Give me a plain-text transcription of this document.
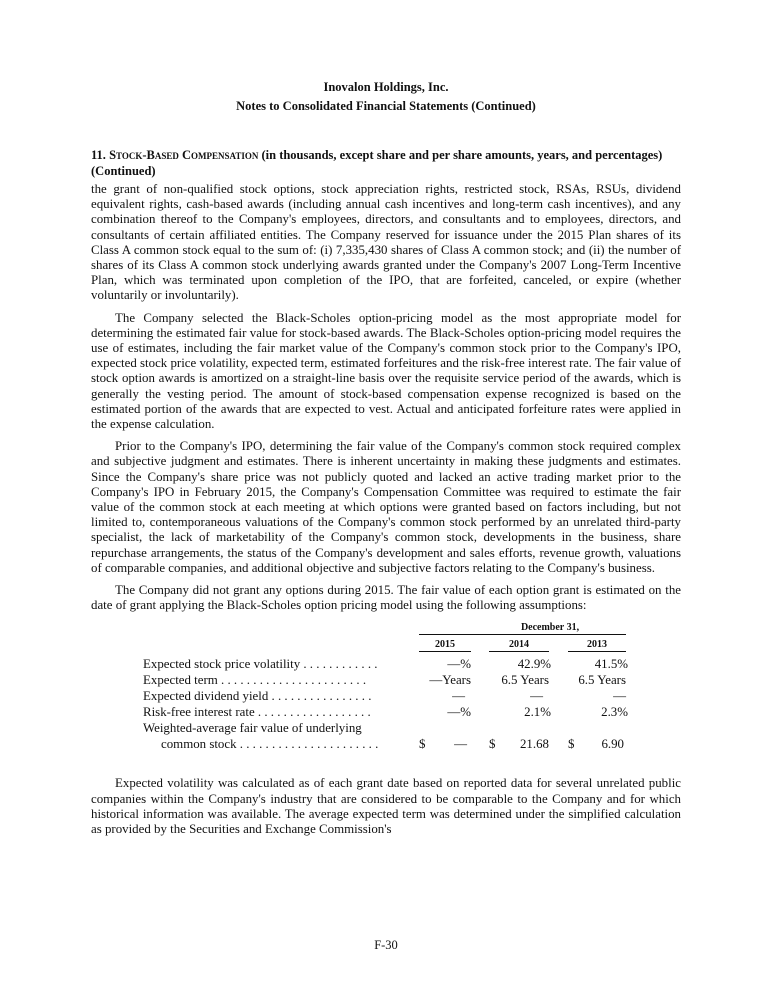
Inovalon Holdings, Inc.
Notes to Consolidated Financial Statements (Continued)
11. Stock-Based Compensation (in thousands, except share and per share amounts, years, and percentages) (Continued)

the grant of non-qualified stock options, stock appreciation rights, restricted stock, RSAs, RSUs, dividend equivalent rights, cash-based awards (including annual cash incentives and long-term cash incentives), and any combination thereof to the Company's employees, directors, and consultants and to employees, directors, and consultants of certain affiliated entities. The Company reserved for issuance under the 2015 Plan shares of its Class A common stock equal to the sum of: (i) 7,335,430 shares of Class A common stock; and (ii) the number of shares of its Class A common stock underlying awards granted under the Company's 2007 Long-Term Incentive Plan, which was terminated upon completion of the IPO, that are forfeited, canceled, or expire (whether voluntarily or involuntarily).

The Company selected the Black-Scholes option-pricing model as the most appropriate model for determining the estimated fair value for stock-based awards. The Black-Scholes option-pricing model requires the use of estimates, including the fair market value of the Company's common stock prior to the Company's IPO, expected stock price volatility, expected term, estimated forfeitures and the risk-free interest rate. The fair value of stock option awards is amortized on a straight-line basis over the requisite service period of the awards, which is generally the vesting period. The amount of stock-based compensation expense recognized is based on the estimated portion of the awards that are expected to vest. Actual and anticipated forfeiture rates were applied in the expense calculation.

Prior to the Company's IPO, determining the fair value of the Company's common stock required complex and subjective judgment and estimates. There is inherent uncertainty in making these judgments and estimates. Since the Company's share price was not publicly quoted and lacked an active trading market prior to the Company's IPO in February 2015, the Company's Compensation Committee was required to estimate the fair value of the common stock at each meeting at which options were granted based on factors including, but not limited to, contemporaneous valuations of the Company's common stock performed by an unrelated third-party specialist, the lack of marketability of the Company's common stock, developments in the business, share repurchase arrangements, the status of the Company's development and sales efforts, revenue growth, valuations of comparable companies, and additional objective and subjective factors relating to the Company's business.

The Company did not grant any options during 2015. The fair value of each option grant is estimated on the date of grant applying the Black-Scholes option pricing model using the following assumptions:

December 31,
2015	2014	2013
Expected stock price volatility . . . . . . . . . . . .	—%	42.9%	41.5%
Expected term . . . . . . . . . . . . . . . . . . . . . . .	—Years	6.5 Years	6.5 Years
Expected dividend yield . . . . . . . . . . . . . . . .	—	—	—
Risk-free interest rate . . . . . . . . . . . . . . . . . .	—%	2.1%	2.3%
Weighted-average fair value of underlying
common stock . . . . . . . . . . . . . . . . . . . . . .	$	— $	21.68 $	6.90

Expected volatility was calculated as of each grant date based on reported data for several unrelated public companies within the Company's industry that are considered to be comparable to the Company and for which historical information was available. The average expected term was determined under the simplified calculation as provided by the Securities and Exchange Commission's

F-30
